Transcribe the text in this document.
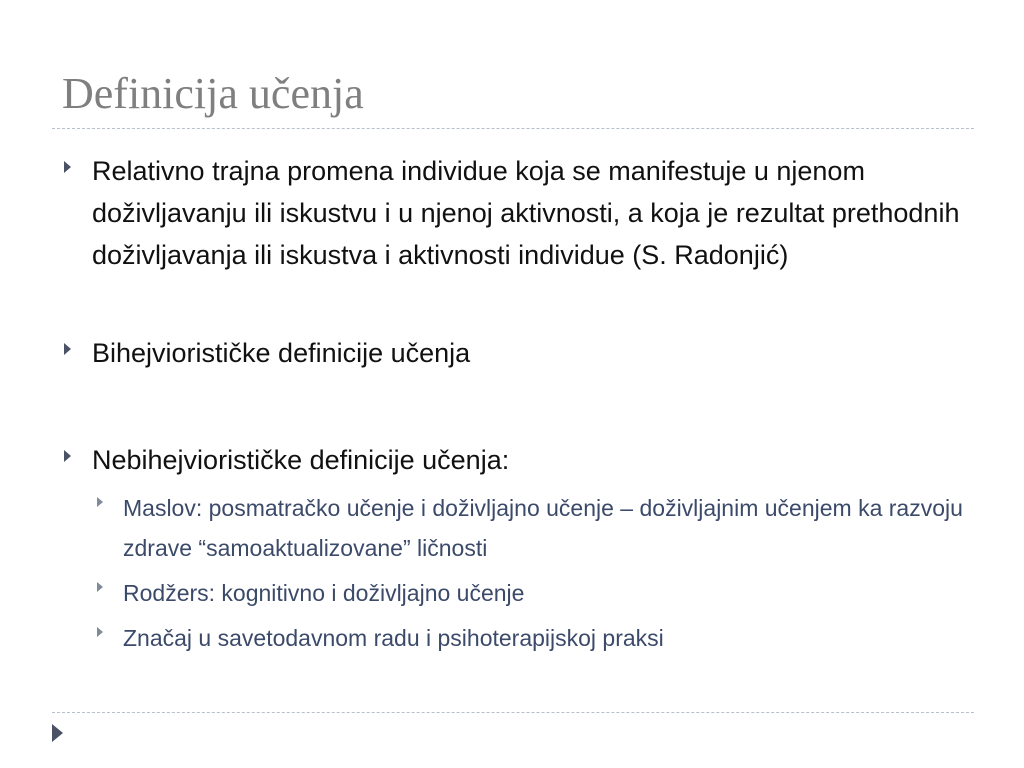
Definicija učenja
Relativno trajna promena individue koja se manifestuje u njenom doživljavanju ili iskustvu i u njenoj aktivnosti, a koja je rezultat prethodnih doživljavanja ili iskustva i aktivnosti individue (S. Radonjić)
Bihejviorističke definicije učenja
Nebihejviorističke definicije učenja:
Maslov: posmatračko učenje i doživljajno učenje – doživljajnim učenjem ka razvoju zdrave “samoaktualizovane” ličnosti
Rodžers: kognitivno i doživljajno učenje
Značaj u savetodavnom radu i psihoterapijskoj praksi
